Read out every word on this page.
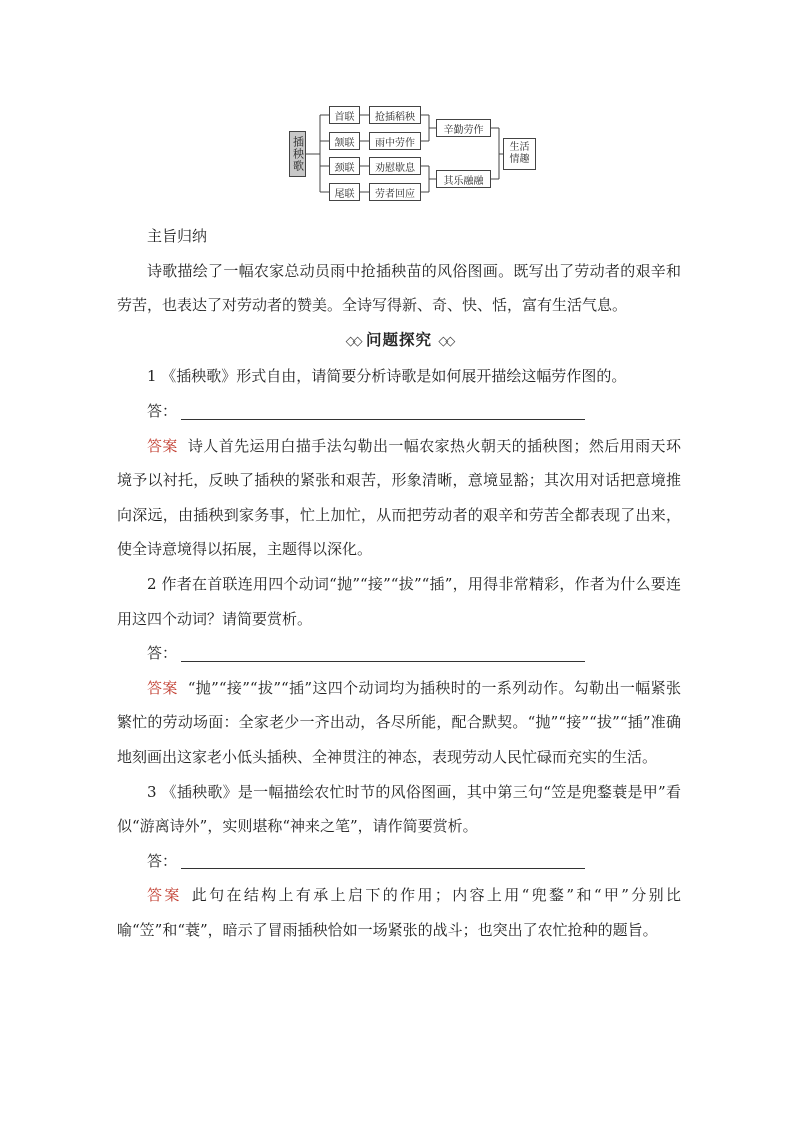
插秧歌
首联
颔联
颈联
尾联
抢插稻秧
雨中劳作
劝慰歇息
劳者回应
辛勤劳作
其乐融融
生活
情趣

主旨归纳

诗歌描绘了一幅农家总动员雨中抢插秧苗的风俗图画。既写出了劳动者的艰辛和劳苦，也表达了对劳动者的赞美。全诗写得新、奇、快、恬，富有生活气息。

◇◇ 问题探究 ◇◇

1 《插秧歌》形式自由，请简要分析诗歌是如何展开描绘这幅劳作图的。

答：

答案 诗人首先运用白描手法勾勒出一幅农家热火朝天的插秧图；然后用雨天环境予以衬托，反映了插秧的紧张和艰苦，形象清晰，意境显豁；其次用对话把意境推向深远，由插秧到家务事，忙上加忙，从而把劳动者的艰辛和劳苦全都表现了出来，使全诗意境得以拓展，主题得以深化。

2 作者在首联连用四个动词“抛”“接”“拔”“插”，用得非常精彩，作者为什么要连用这四个动词？请简要赏析。

答：

答案 “抛”“接”“拔”“插”这四个动词均为插秧时的一系列动作。勾勒出一幅紧张繁忙的劳动场面：全家老少一齐出动，各尽所能，配合默契。“抛”“接”“拔”“插”准确地刻画出这家老小低头插秧、全神贯注的神态，表现劳动人民忙碌而充实的生活。

3 《插秧歌》是一幅描绘农忙时节的风俗图画，其中第三句“笠是兜鍪蓑是甲”看似“游离诗外”，实则堪称“神来之笔”，请作简要赏析。

答：

答案 此句在结构上有承上启下的作用；内容上用“兜鍪”和“甲”分别比喻“笠”和“蓑”，暗示了冒雨插秧恰如一场紧张的战斗；也突出了农忙抢种的题旨。
